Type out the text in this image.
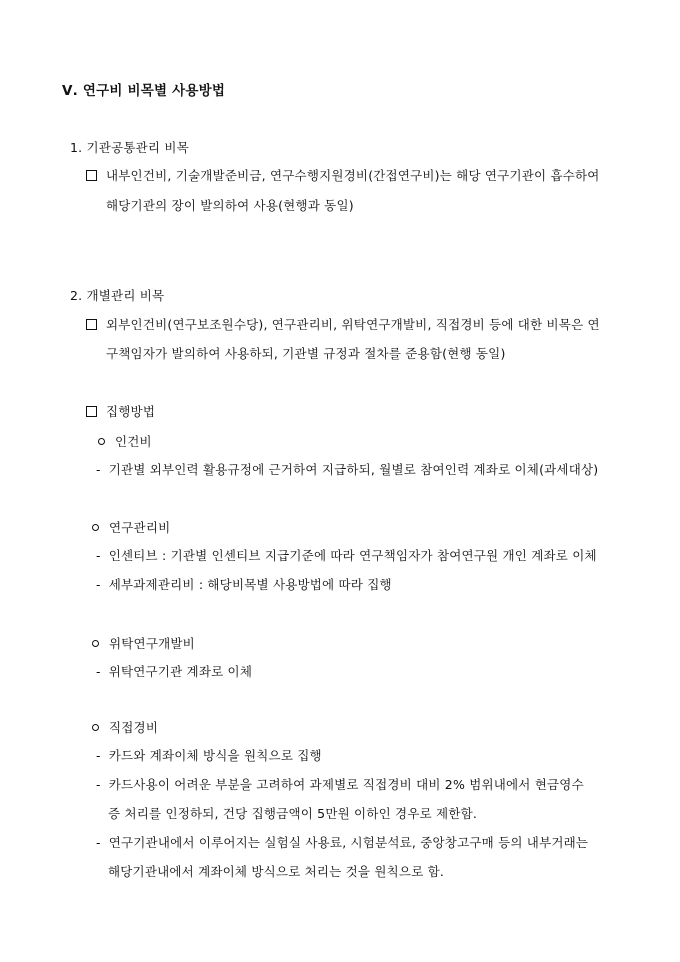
Ⅴ. 연구비 비목별 사용방법
1. 기관공통관리 비목
내부인건비, 기술개발준비금, 연구수행지원경비(간접연구비)는 해당 연구기관이 흡수하여
해당기관의 장이 발의하여 사용(현행과 동일)
2. 개별관리 비목
외부인건비(연구보조원수당), 연구관리비, 위탁연구개발비, 직접경비 등에 대한 비목은 연
구책임자가 발의하여 사용하되, 기관별 규정과 절차를 준용함(현행 동일)
집행방법
인건비
- 기관별 외부인력 활용규정에 근거하여 지급하되, 월별로 참여인력 계좌로 이체(과세대상)
연구관리비
- 인센티브 : 기관별 인센티브 지급기준에 따라 연구책임자가 참여연구원 개인 계좌로 이체
- 세부과제관리비 : 해당비목별 사용방법에 따라 집행
위탁연구개발비
- 위탁연구기관 계좌로 이체
직접경비
- 카드와 계좌이체 방식을 원칙으로 집행
- 카드사용이 어려운 부분을 고려하여 과제별로 직접경비 대비 2% 범위내에서 현금영수
증 처리를 인정하되, 건당 집행금액이 5만원 이하인 경우로 제한함.
- 연구기관내에서 이루어지는 실험실 사용료, 시험분석료, 중앙창고구매 등의 내부거래는
해당기관내에서 계좌이체 방식으로 처리는 것을 원칙으로 함.
